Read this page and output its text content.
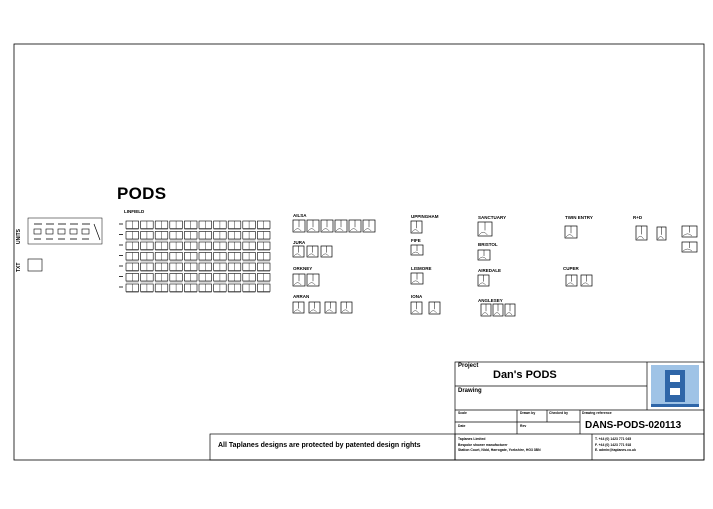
PODS
UNITS
TXT
LINFIELD
AILSA
JURA
ORKNEY
ARRAN
UPPINGHAM
FIFE
LISMORE
IONA
SANCTUARY
BRISTOL
AIREDALE
ANGLESEY
TWIN ENTRY
CUPER
R+D
Project
Dan's PODS
Drawing
Scale	Drawn by	Checked by	Drawing reference
Date	Rev	DANS-PODS-020113
Taplanes Limited
Bespoke shower manufacturer
Station Court, Nidd, Harrogate, Yorkshire, HG3 3BN
T. +44 (0) 1423 771 045
F. +44 (0) 1423 771 918
E. admin@taplanes.co.uk
All Taplanes designs are protected by patented design rights
